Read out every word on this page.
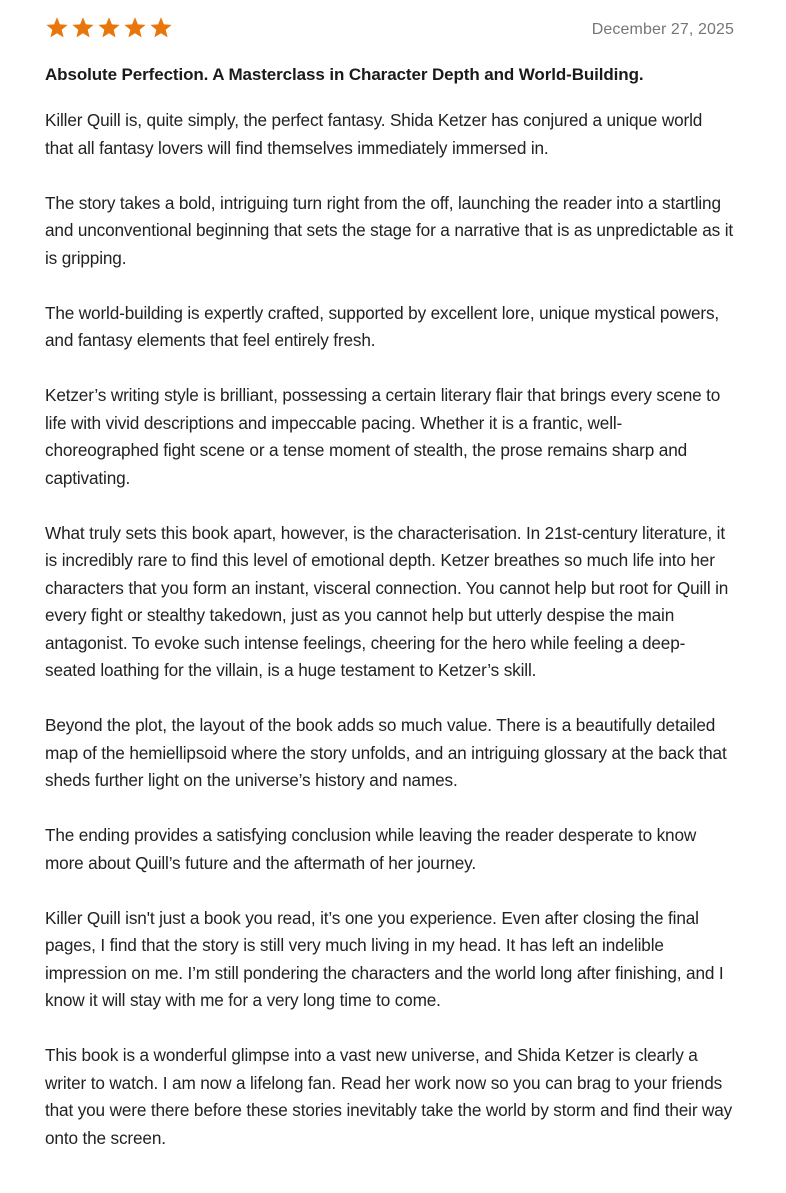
December 27, 2025
Absolute Perfection. A Masterclass in Character Depth and World-Building.

Killer Quill is, quite simply, the perfect fantasy. Shida Ketzer has conjured a unique world that all fantasy lovers will find themselves immediately immersed in.

The story takes a bold, intriguing turn right from the off, launching the reader into a startling and unconventional beginning that sets the stage for a narrative that is as unpredictable as it is gripping.

The world-building is expertly crafted, supported by excellent lore, unique mystical powers, and fantasy elements that feel entirely fresh.

Ketzer’s writing style is brilliant, possessing a certain literary flair that brings every scene to life with vivid descriptions and impeccable pacing. Whether it is a frantic, well-choreographed fight scene or a tense moment of stealth, the prose remains sharp and captivating.

What truly sets this book apart, however, is the characterisation. In 21st-century literature, it is incredibly rare to find this level of emotional depth. Ketzer breathes so much life into her characters that you form an instant, visceral connection. You cannot help but root for Quill in every fight or stealthy takedown, just as you cannot help but utterly despise the main antagonist. To evoke such intense feelings, cheering for the hero while feeling a deep-seated loathing for the villain, is a huge testament to Ketzer’s skill.

Beyond the plot, the layout of the book adds so much value. There is a beautifully detailed map of the hemiellipsoid where the story unfolds, and an intriguing glossary at the back that sheds further light on the universe’s history and names.

The ending provides a satisfying conclusion while leaving the reader desperate to know more about Quill’s future and the aftermath of her journey.

Killer Quill isn't just a book you read, it’s one you experience. Even after closing the final pages, I find that the story is still very much living in my head. It has left an indelible impression on me. I’m still pondering the characters and the world long after finishing, and I know it will stay with me for a very long time to come.

This book is a wonderful glimpse into a vast new universe, and Shida Ketzer is clearly a writer to watch. I am now a lifelong fan. Read her work now so you can brag to your friends that you were there before these stories inevitably take the world by storm and find their way onto the screen.
